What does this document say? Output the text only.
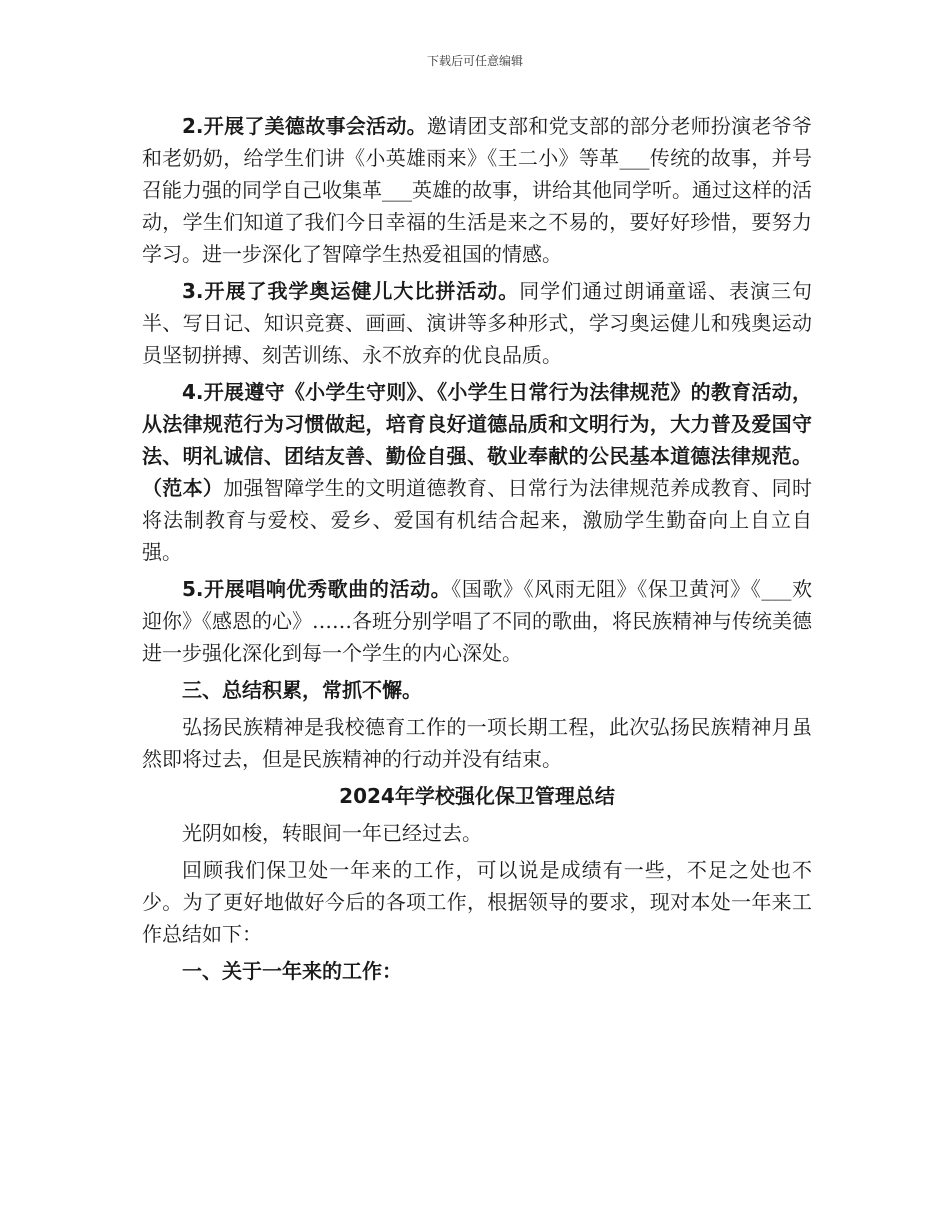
下载后可任意编辑

2.开展了美德故事会活动。邀请团支部和党支部的部分老师扮演老爷爷和老奶奶，给学生们讲《小英雄雨来》《王二小》等革___传统的故事，并号召能力强的同学自己收集革___英雄的故事，讲给其他同学听。通过这样的活动，学生们知道了我们今日幸福的生活是来之不易的，要好好珍惜，要努力学习。进一步深化了智障学生热爱祖国的情感。

3.开展了我学奥运健儿大比拼活动。同学们通过朗诵童谣、表演三句半、写日记、知识竞赛、画画、演讲等多种形式，学习奥运健儿和残奥运动员坚韧拼搏、刻苦训练、永不放弃的优良品质。

4.开展遵守《小学生守则》、《小学生日常行为法律规范》的教育活动，从法律规范行为习惯做起，培育良好道德品质和文明行为，大力普及爱国守法、明礼诚信、团结友善、勤俭自强、敬业奉献的公民基本道德法律规范。（范本）加强智障学生的文明道德教育、日常行为法律规范养成教育、同时将法制教育与爱校、爱乡、爱国有机结合起来，激励学生勤奋向上自立自强。

5.开展唱响优秀歌曲的活动。《国歌》《风雨无阻》《保卫黄河》《___欢迎你》《感恩的心》……各班分别学唱了不同的歌曲，将民族精神与传统美德进一步强化深化到每一个学生的内心深处。

三、总结积累，常抓不懈。

弘扬民族精神是我校德育工作的一项长期工程，此次弘扬民族精神月虽然即将过去，但是民族精神的行动并没有结束。

2024年学校强化保卫管理总结

光阴如梭，转眼间一年已经过去。

回顾我们保卫处一年来的工作，可以说是成绩有一些，不足之处也不少。为了更好地做好今后的各项工作，根据领导的要求，现对本处一年来工作总结如下：

一、关于一年来的工作：
